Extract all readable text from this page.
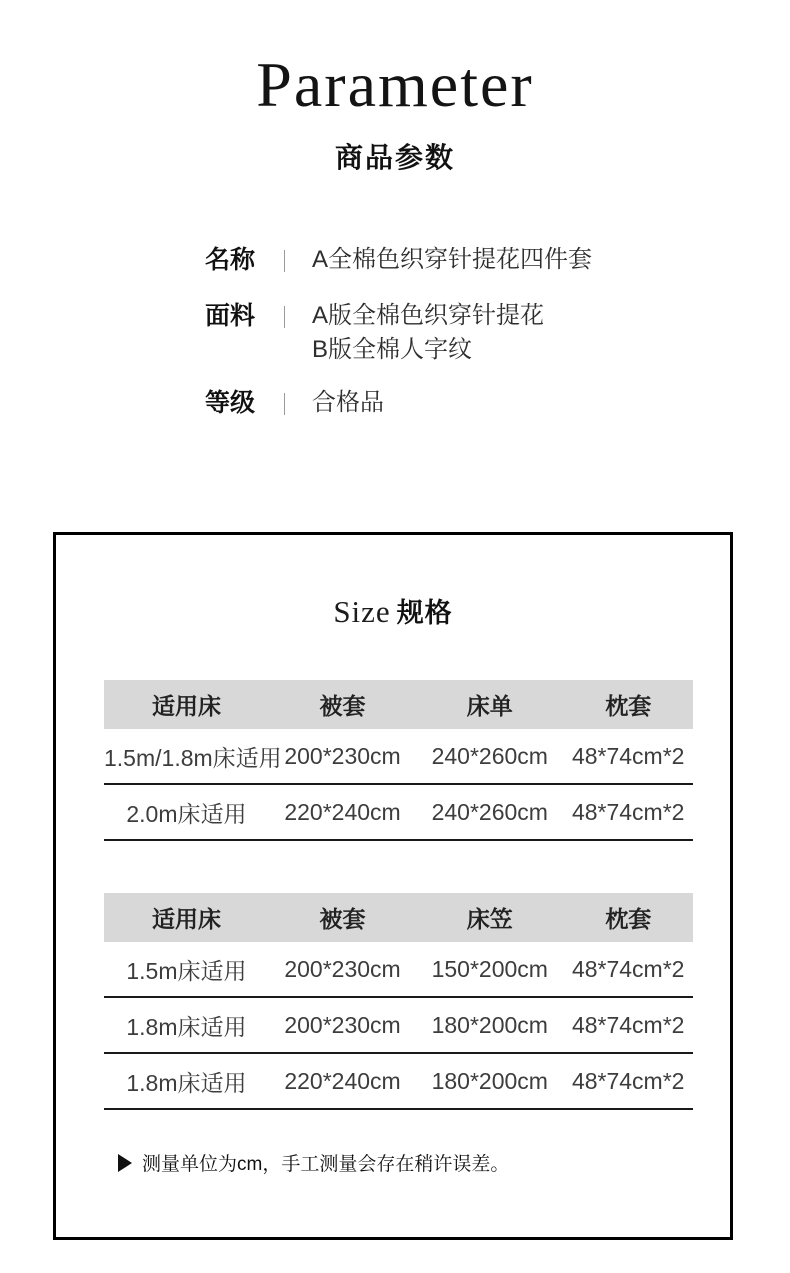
Parameter
商品参数
名称 A全棉色织穿针提花四件套
面料 A版全棉色织穿针提花
B版全棉人字纹
等级 合格品
Size 规格
适用床	被套	床单	枕套
1.5m/1.8m床适用	200*230cm	240*260cm	48*74cm*2
2.0m床适用	220*240cm	240*260cm	48*74cm*2
适用床	被套	床笠	枕套
1.5m床适用	200*230cm	150*200cm	48*74cm*2
1.8m床适用	200*230cm	180*200cm	48*74cm*2
1.8m床适用	220*240cm	180*200cm	48*74cm*2
测量单位为cm，手工测量会存在稍许误差。
